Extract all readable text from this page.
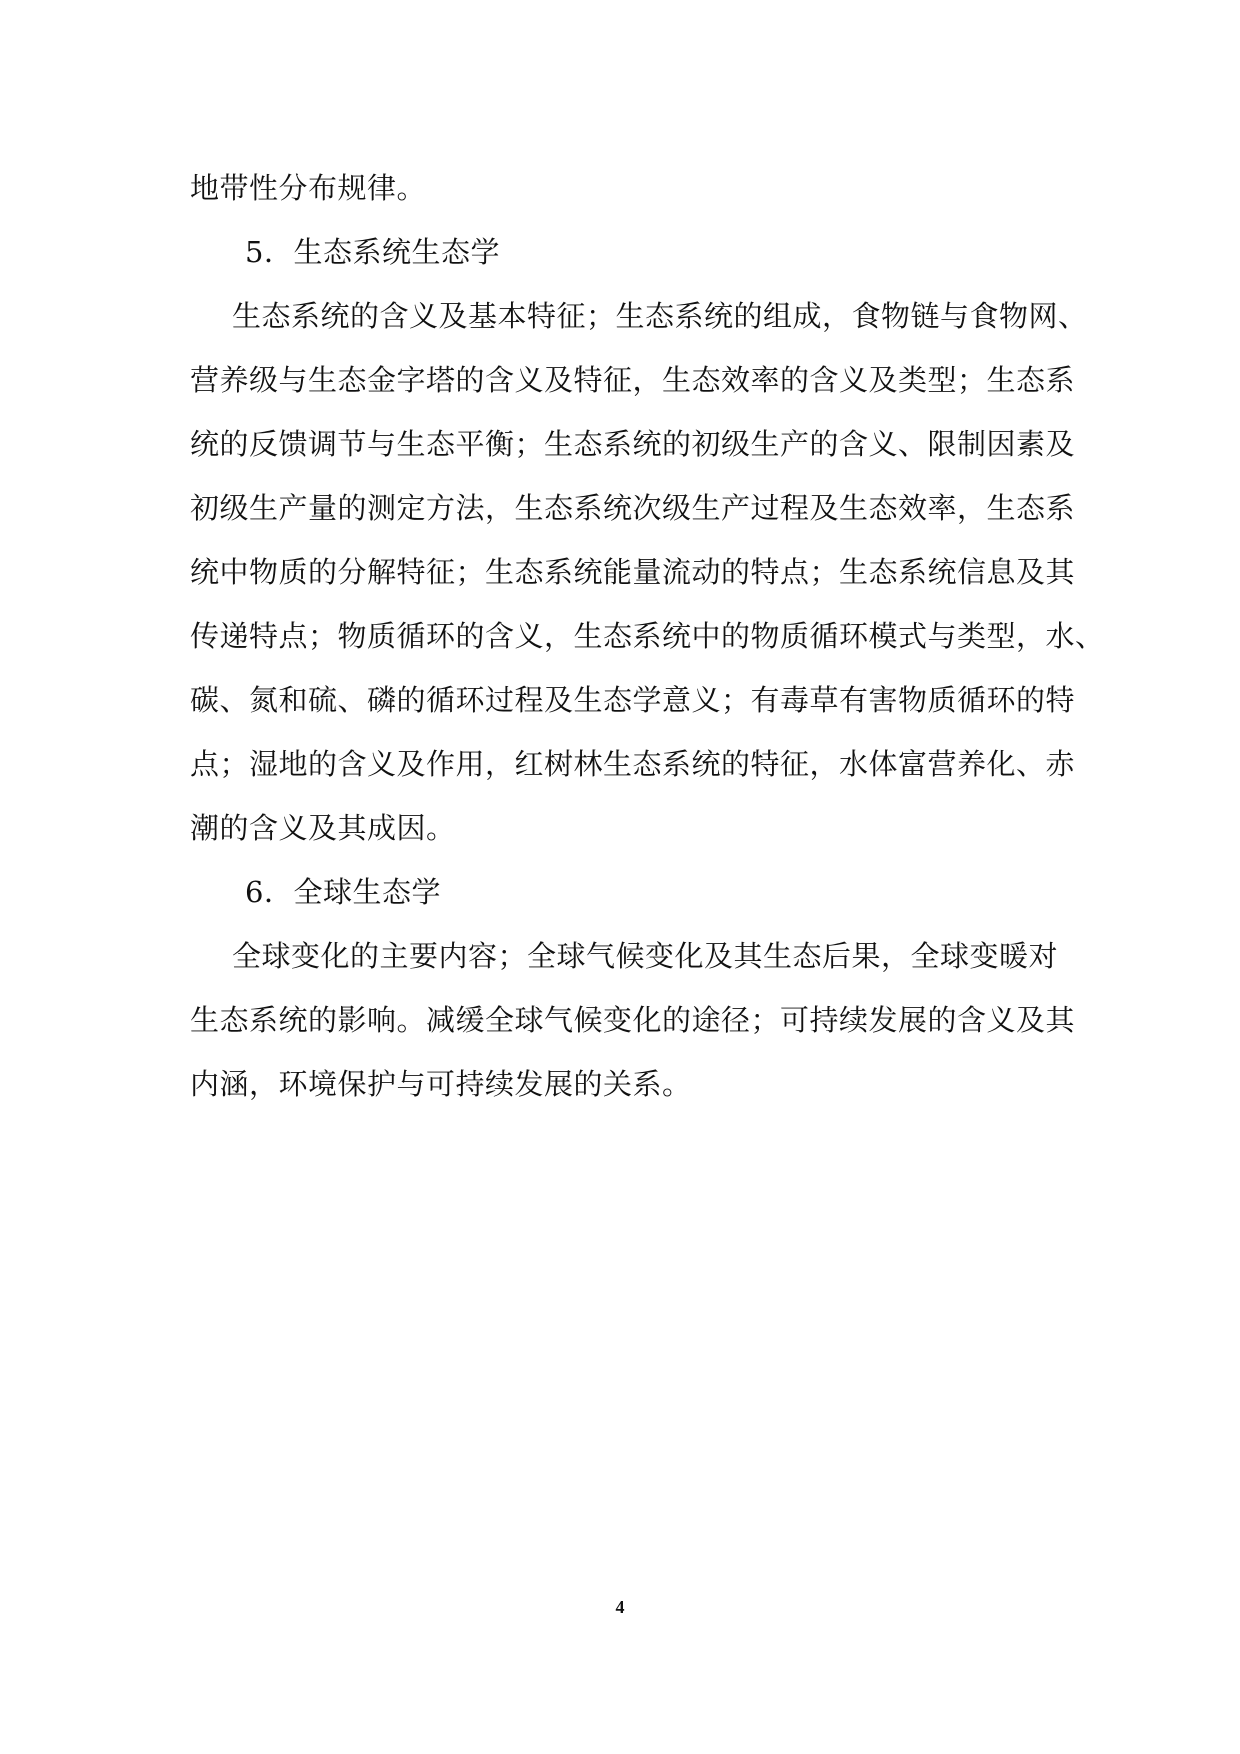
地带性分布规律。
5．生态系统生态学
生态系统的含义及基本特征；生态系统的组成，食物链与食物网、
营养级与生态金字塔的含义及特征，生态效率的含义及类型；生态系
统的反馈调节与生态平衡；生态系统的初级生产的含义、限制因素及
初级生产量的测定方法，生态系统次级生产过程及生态效率，生态系
统中物质的分解特征；生态系统能量流动的特点；生态系统信息及其
传递特点；物质循环的含义，生态系统中的物质循环模式与类型，水、
碳、氮和硫、磷的循环过程及生态学意义；有毒草有害物质循环的特
点；湿地的含义及作用，红树林生态系统的特征，水体富营养化、赤
潮的含义及其成因。
6．全球生态学
全球变化的主要内容；全球气候变化及其生态后果，全球变暖对
生态系统的影响。减缓全球气候变化的途径；可持续发展的含义及其
内涵，环境保护与可持续发展的关系。
4
